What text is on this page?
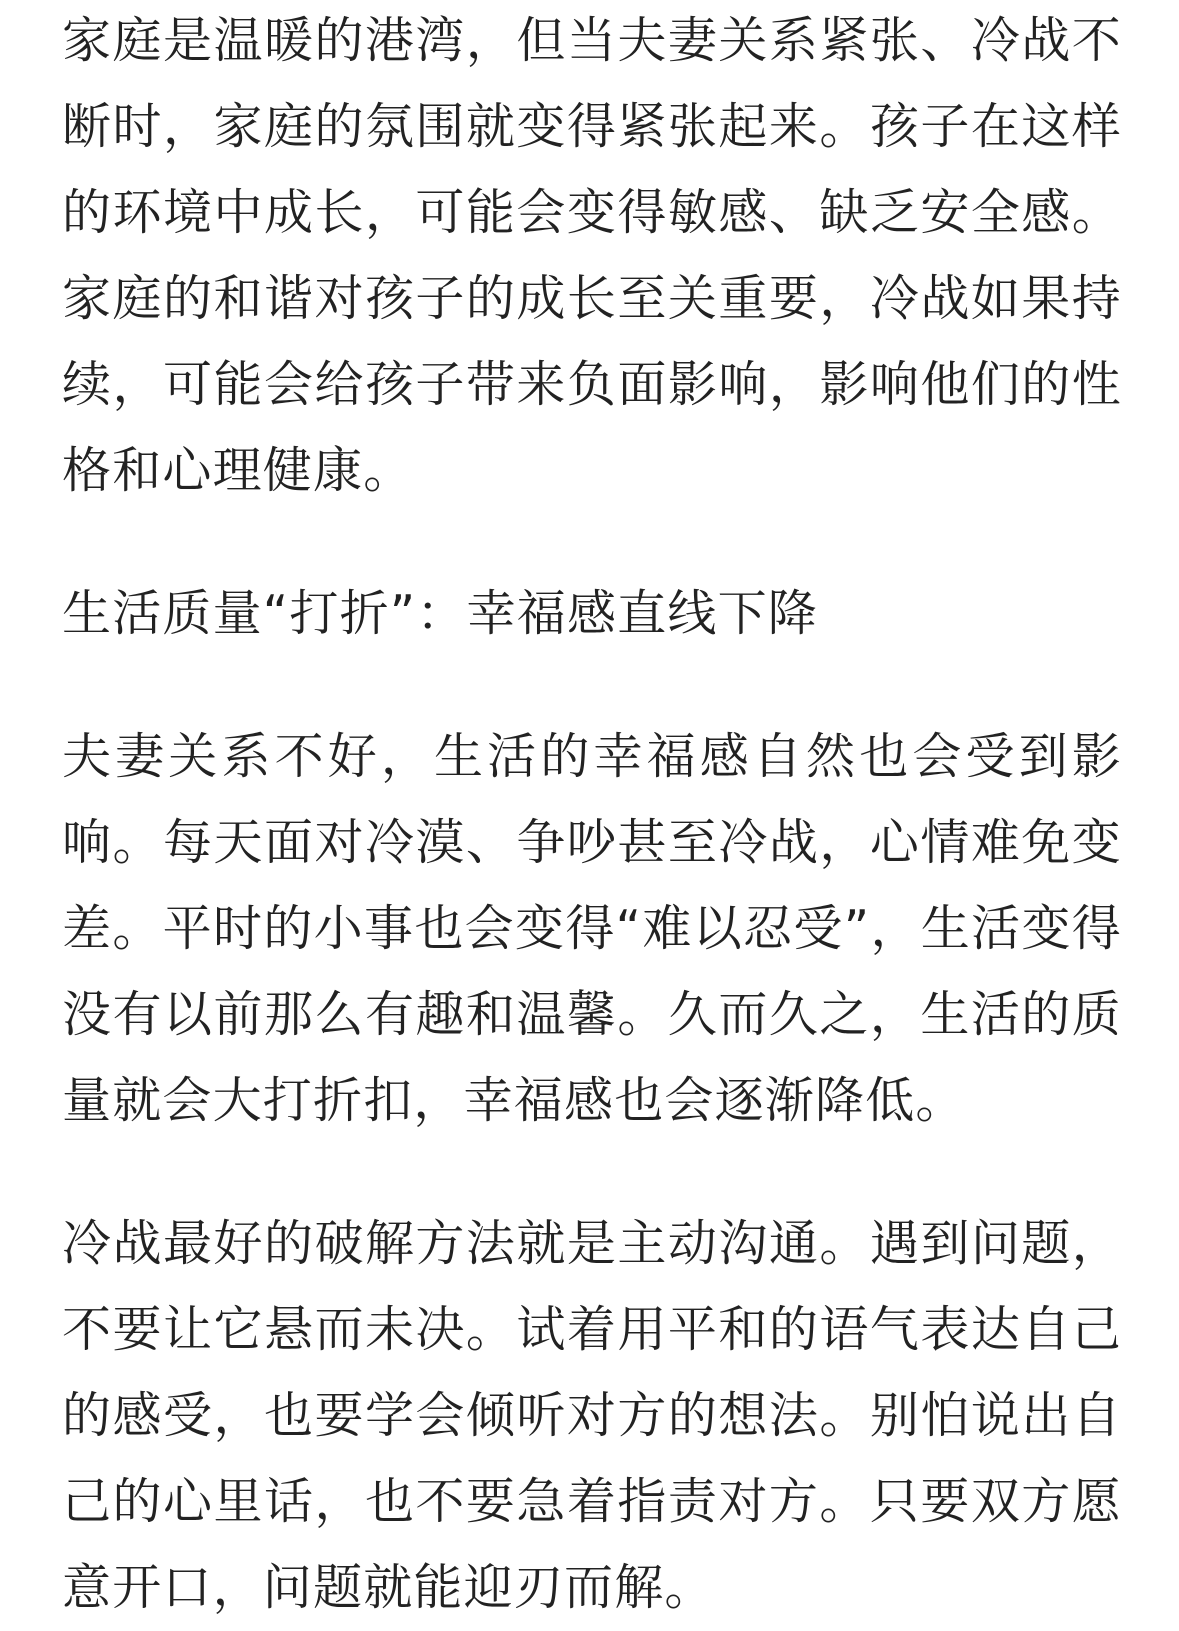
家庭是温暖的港湾，但当夫妻关系紧张、冷战不断时，家庭的氛围就变得紧张起来。孩子在这样的环境中成长，可能会变得敏感、缺乏安全感。家庭的和谐对孩子的成长至关重要，冷战如果持续，可能会给孩子带来负面影响，影响他们的性格和心理健康。

生活质量“打折”：幸福感直线下降

夫妻关系不好，生活的幸福感自然也会受到影响。每天面对冷漠、争吵甚至冷战，心情难免变差。平时的小事也会变得“难以忍受”，生活变得没有以前那么有趣和温馨。久而久之，生活的质量就会大打折扣，幸福感也会逐渐降低。

冷战最好的破解方法就是主动沟通。遇到问题，不要让它悬而未决。试着用平和的语气表达自己的感受，也要学会倾听对方的想法。别怕说出自己的心里话，也不要急着指责对方。只要双方愿意开口，问题就能迎刃而解。
